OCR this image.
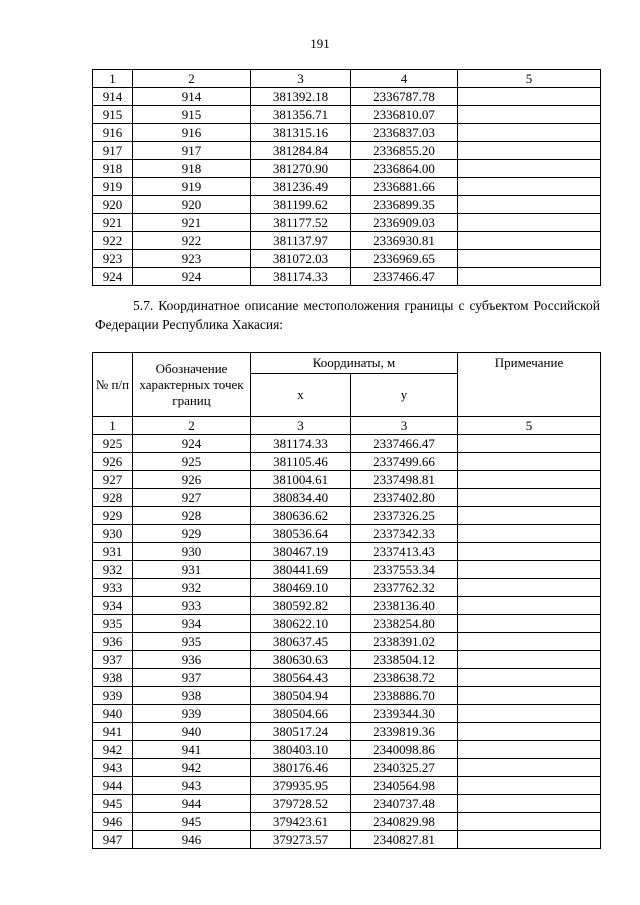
191
1	2	3	4	5
914	914	381392.18	2336787.78	
915	915	381356.71	2336810.07	
916	916	381315.16	2336837.03	
917	917	381284.84	2336855.20	
918	918	381270.90	2336864.00	
919	919	381236.49	2336881.66	
920	920	381199.62	2336899.35	
921	921	381177.52	2336909.03	
922	922	381137.97	2336930.81	
923	923	381072.03	2336969.65	
924	924	381174.33	2337466.47	
5.7. Координатное описание местоположения границы с субъектом Российской Федерации Республика Хакасия:
№ п/п	Обозначение характерных точек границ	Координаты, м		Примечание
		x	y	
1	2	3	3	5
925	924	381174.33	2337466.47	
926	925	381105.46	2337499.66	
927	926	381004.61	2337498.81	
928	927	380834.40	2337402.80	
929	928	380636.62	2337326.25	
930	929	380536.64	2337342.33	
931	930	380467.19	2337413.43	
932	931	380441.69	2337553.34	
933	932	380469.10	2337762.32	
934	933	380592.82	2338136.40	
935	934	380622.10	2338254.80	
936	935	380637.45	2338391.02	
937	936	380630.63	2338504.12	
938	937	380564.43	2338638.72	
939	938	380504.94	2338886.70	
940	939	380504.66	2339344.30	
941	940	380517.24	2339819.36	
942	941	380403.10	2340098.86	
943	942	380176.46	2340325.27	
944	943	379935.95	2340564.98	
945	944	379728.52	2340737.48	
946	945	379423.61	2340829.98	
947	946	379273.57	2340827.81	
